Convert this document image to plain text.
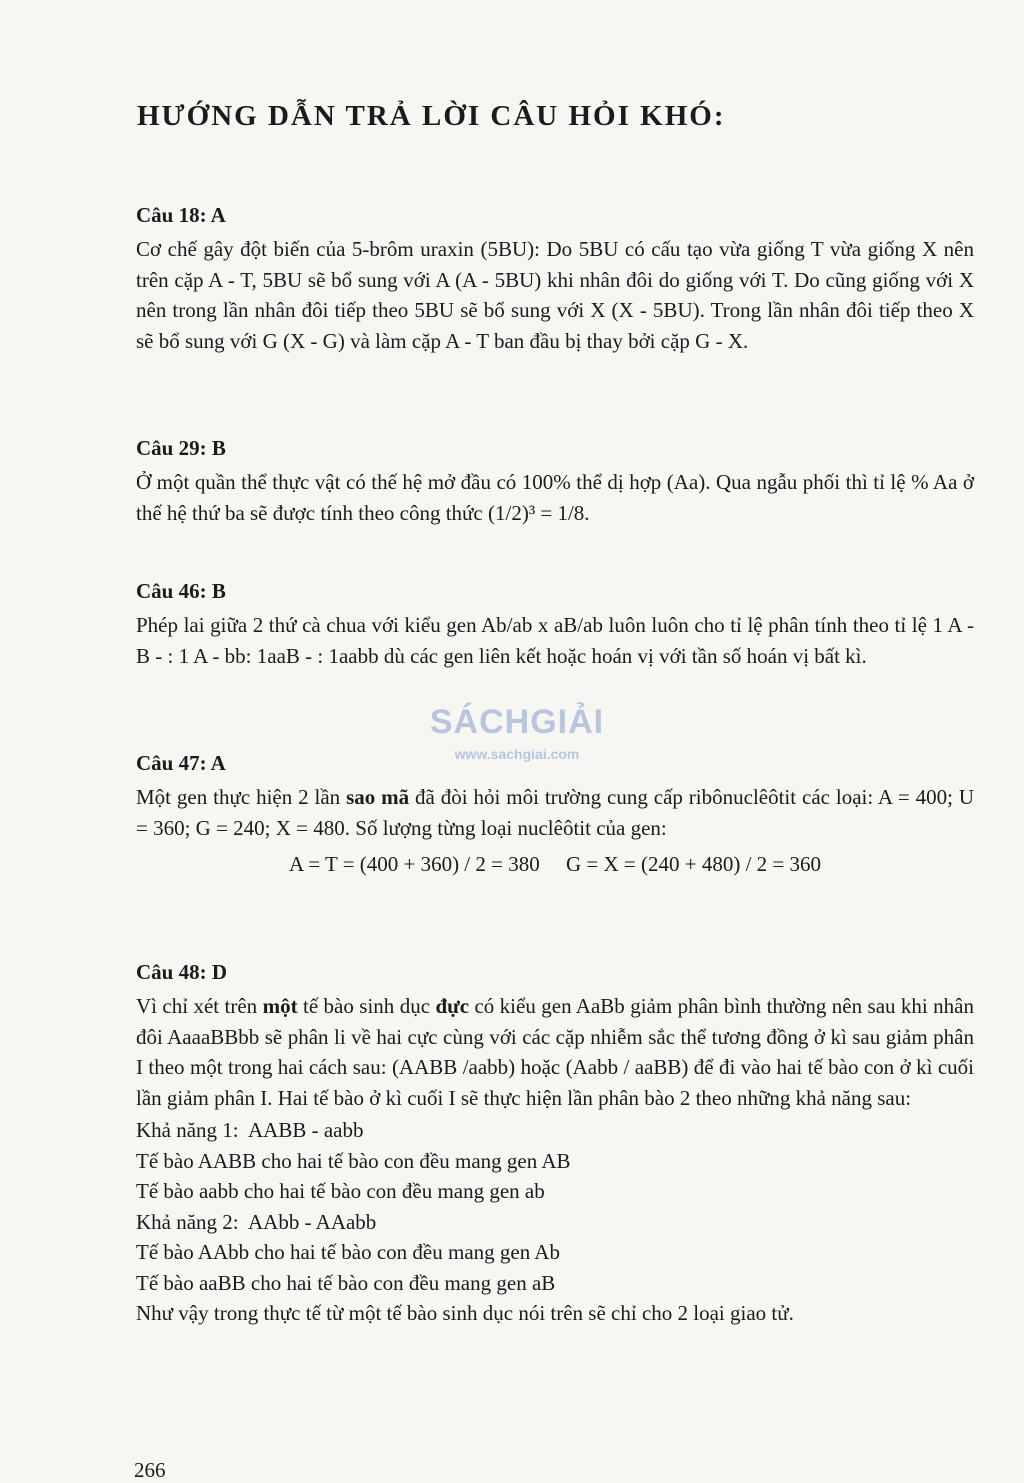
HƯỚNG DẪN TRẢ LỜI CÂU HỎI KHÓ:
Câu 18: A

Cơ chế gây đột biến của 5-brôm uraxin (5BU): Do 5BU có cấu tạo vừa giống T vừa giống X nên trên cặp A - T, 5BU sẽ bổ sung với A (A - 5BU) khi nhân đôi do giống với T. Do cũng giống với X nên trong lần nhân đôi tiếp theo 5BU sẽ bổ sung với X (X - 5BU). Trong lần nhân đôi tiếp theo X sẽ bổ sung với G (X - G) và làm cặp A - T ban đầu bị thay bởi cặp G - X.

Câu 29: B

Ở một quần thể thực vật có thế hệ mở đầu có 100% thể dị hợp (Aa). Qua ngẫu phối thì tỉ lệ % Aa ở thế hệ thứ ba sẽ được tính theo công thức (1/2)³ = 1/8.

Câu 46: B

Phép lai giữa 2 thứ cà chua với kiểu gen Ab/ab x aB/ab luôn luôn cho tỉ lệ phân tính theo tỉ lệ 1 A - B - : 1 A - bb: 1aaB - : 1aabb dù các gen liên kết hoặc hoán vị với tần số hoán vị bất kì.

SÁCHGIẢI
www.sachgiai.com
Câu 47: A

Một gen thực hiện 2 lần sao mã đã đòi hỏi môi trường cung cấp ribônuclêôtit các loại: A = 400; U = 360; G = 240; X = 480. Số lượng từng loại nuclêôtit của gen:

A = T = (400 + 360) / 2 = 380     G = X = (240 + 480) / 2 = 360

Câu 48: D

Vì chỉ xét trên một tế bào sinh dục đực có kiểu gen AaBb giảm phân bình thường nên sau khi nhân đôi AaaaBBbb sẽ phân li về hai cực cùng với các cặp nhiễm sắc thể tương đồng ở kì sau giảm phân I theo một trong hai cách sau: (AABB /aabb) hoặc (Aabb / aaBB) để đi vào hai tế bào con ở kì cuối lần giảm phân I. Hai tế bào ở kì cuối I sẽ thực hiện lần phân bào 2 theo những khả năng sau:

Khả năng 1:  AABB - aabb

Tế bào AABB cho hai tế bào con đều mang gen AB

Tế bào aabb cho hai tế bào con đều mang gen ab

Khả năng 2:  AAbb - AAabb

Tế bào AAbb cho hai tế bào con đều mang gen Ab

Tế bào aaBB cho hai tế bào con đều mang gen aB

Như vậy trong thực tế từ một tế bào sinh dục nói trên sẽ chỉ cho 2 loại giao tử.

266
